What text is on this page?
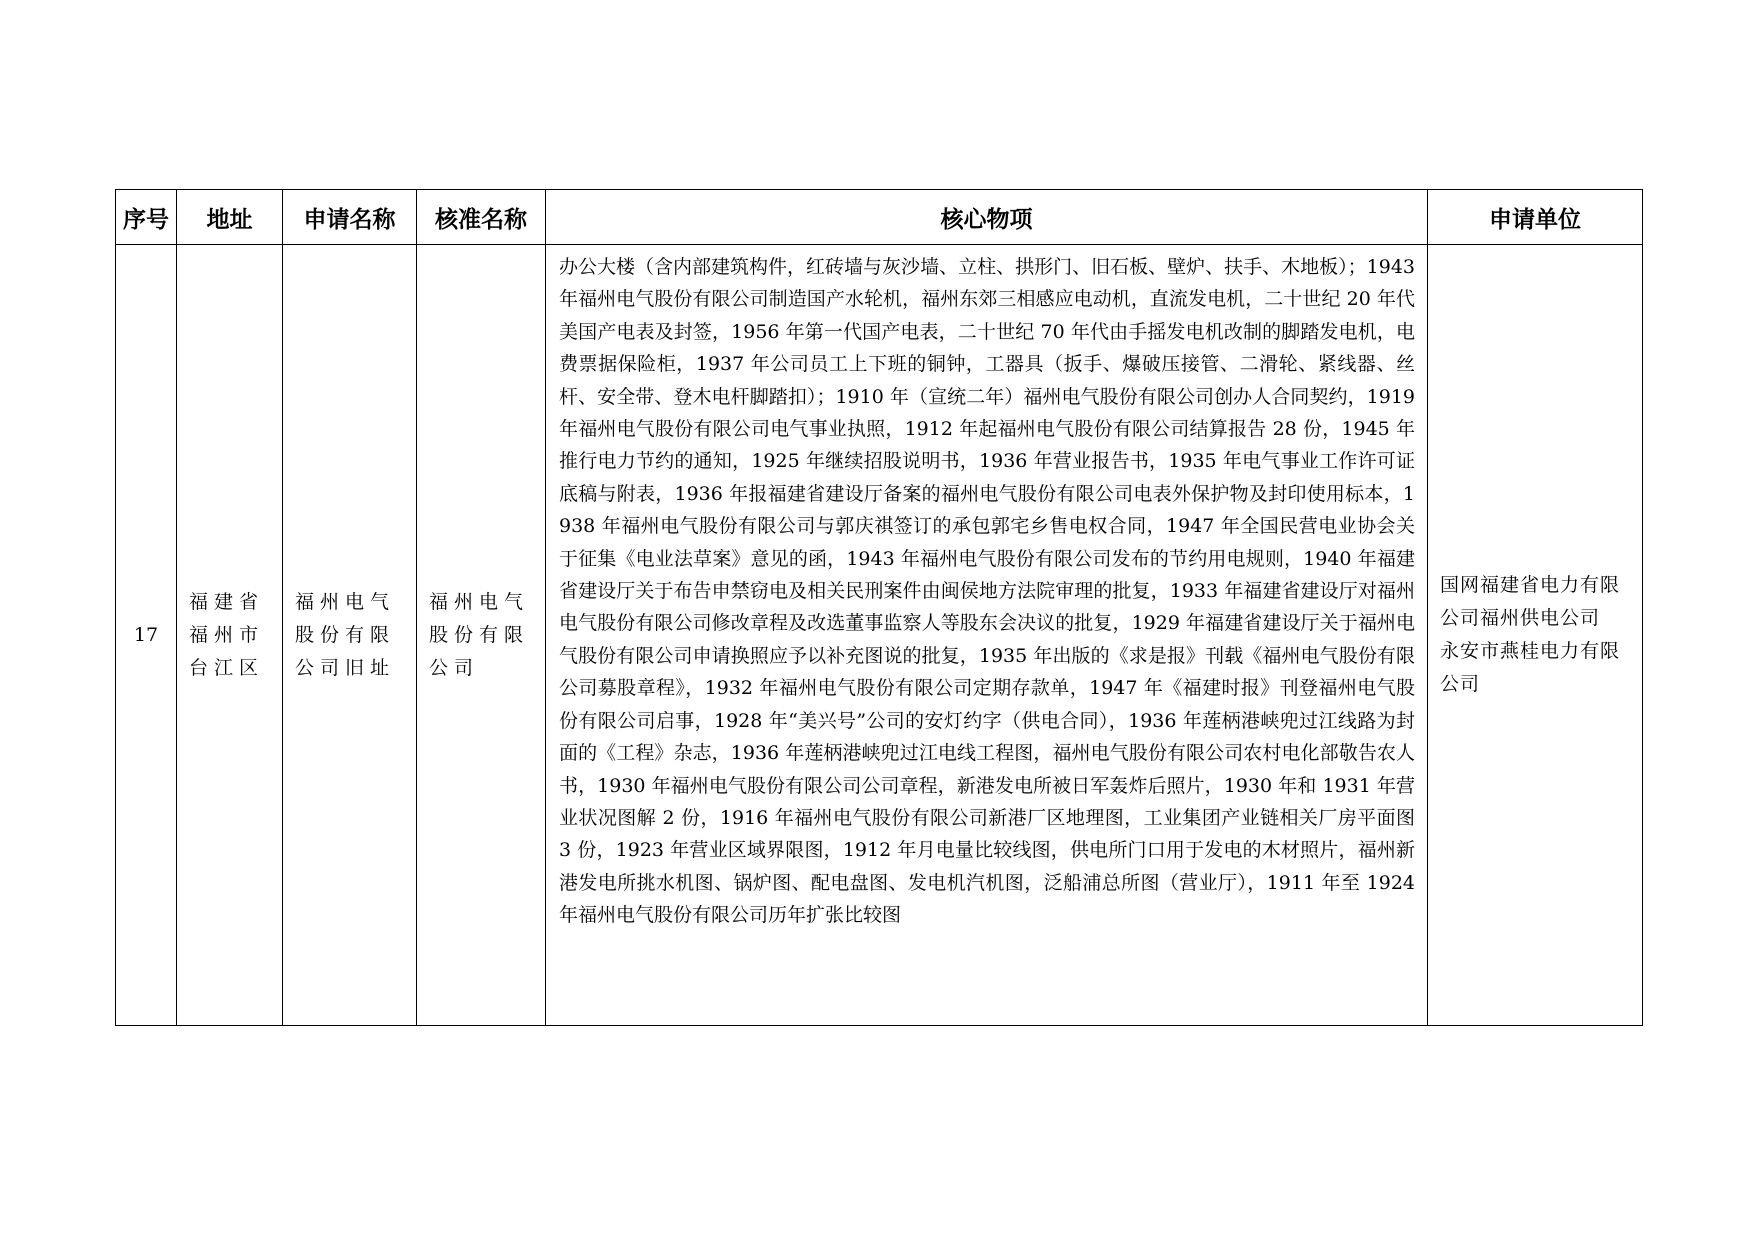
序号	地址	申请名称	核准名称	核心物项	申请单位
17	福建省福州市台江区	福州电气股份有限公司旧址	福州电气股份有限公司	办公大楼（含内部建筑构件，红砖墙与灰沙墙、立柱、拱形门、旧石板、壁炉、扶手、木地板）；1943 年福州电气股份有限公司制造国产水轮机，福州东郊三相感应电动机，直流发电机，二十世纪 20 年代美国产电表及封签，1956 年第一代国产电表，二十世纪 70 年代由手摇发电机改制的脚踏发电机，电费票据保险柜，1937 年公司员工上下班的铜钟，工器具（扳手、爆破压接管、二滑轮、紧线器、丝杆、安全带、登木电杆脚踏扣）；1910 年（宣统二年）福州电气股份有限公司创办人合同契约，1919 年福州电气股份有限公司电气事业执照，1912 年起福州电气股份有限公司结算报告 28 份，1945 年推行电力节约的通知，1925 年继续招股说明书，1936 年营业报告书，1935 年电气事业工作许可证底稿与附表，1936 年报福建省建设厅备案的福州电气股份有限公司电表外保护物及封印使用标本，1938 年福州电气股份有限公司与郭庆祺签订的承包郭宅乡售电权合同，1947 年全国民营电业协会关于征集《电业法草案》意见的函，1943 年福州电气股份有限公司发布的节约用电规则，1940 年福建省建设厅关于布告申禁窃电及相关民刑案件由闽侯地方法院审理的批复，1933 年福建省建设厅对福州电气股份有限公司修改章程及改选董事监察人等股东会决议的批复，1929 年福建省建设厅关于福州电气股份有限公司申请换照应予以补充图说的批复，1935 年出版的《求是报》刊载《福州电气股份有限公司募股章程》，1932 年福州电气股份有限公司定期存款单，1947 年《福建时报》刊登福州电气股份有限公司启事，1928 年“美兴号”公司的安灯约字（供电合同），1936 年莲柄港峡兜过江线路为封面的《工程》杂志，1936 年莲柄港峡兜过江电线工程图，福州电气股份有限公司农村电化部敬告农人书，1930 年福州电气股份有限公司公司章程，新港发电所被日军轰炸后照片，1930 年和 1931 年营业状况图解 2 份，1916 年福州电气股份有限公司新港厂区地理图，工业集团产业链相关厂房平面图 3 份，1923 年营业区域界限图，1912 年月电量比较线图，供电所门口用于发电的木材照片，福州新港发电所挑水机图、锅炉图、配电盘图、发电机汽机图，泛船浦总所图（营业厅），1911 年至 1924 年福州电气股份有限公司历年扩张比较图	国网福建省电力有限公司福州供电公司
永安市燕桂电力有限公司
